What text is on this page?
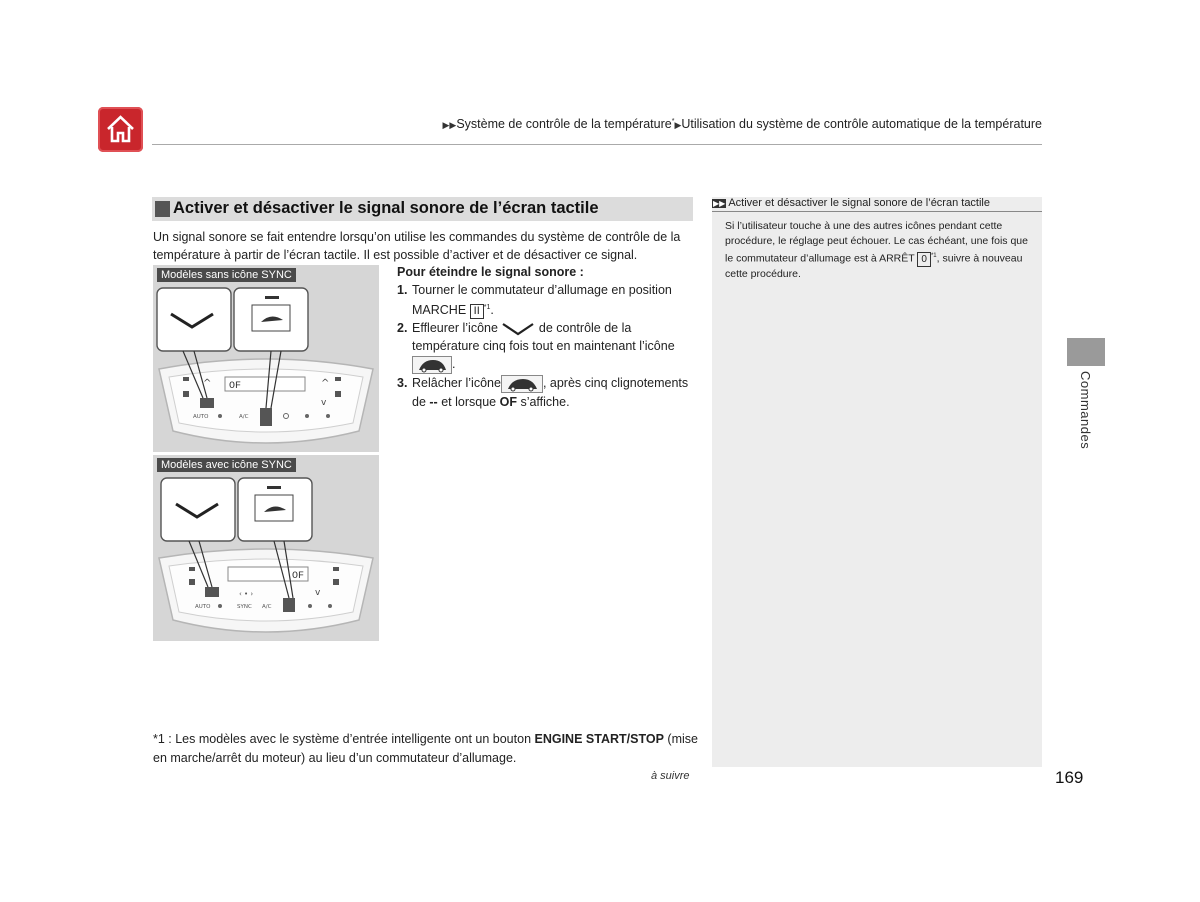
▶▶Système de contrôle de la température*▶Utilisation du système de contrôle automatique de la température
Activer et désactiver le signal sonore de l’écran tactile
Un signal sonore se fait entendre lorsqu’on utilise les commandes du système de contrôle de la température à partir de l’écran tactile. Il est possible d’activer et de désactiver ce signal.
OF
^	^
v
AUTO	A/C
Modèles sans icône SYNC
OF
‹ • ›	v
AUTO	SYNC A/C
Modèles avec icône SYNC
Pour éteindre le signal sonore :
1. Tourner le commutateur d’allumage en position MARCHE II $^{*1}$.
2. Effleurer l’icône	de contrôle de la température cinq fois tout en maintenant l’icône .
3. Relâcher l’icône	, après cinq clignotements de -- et lorsque OF s’affiche.
▶▶ Activer et désactiver le signal sonore de l’écran tactile
Si l’utilisateur touche à une des autres icônes pendant cette procédure, le réglage peut échouer. Le cas échéant, une fois que le commutateur d’allumage est à ARRÊT 0 $^{*1}$, suivre à nouveau cette procédure.
Commandes
*1 : Les modèles avec le système d’entrée intelligente ont un bouton ENGINE START/STOP (mise en marche/arrêt du moteur) au lieu d’un commutateur d’allumage.
à suivre	169
